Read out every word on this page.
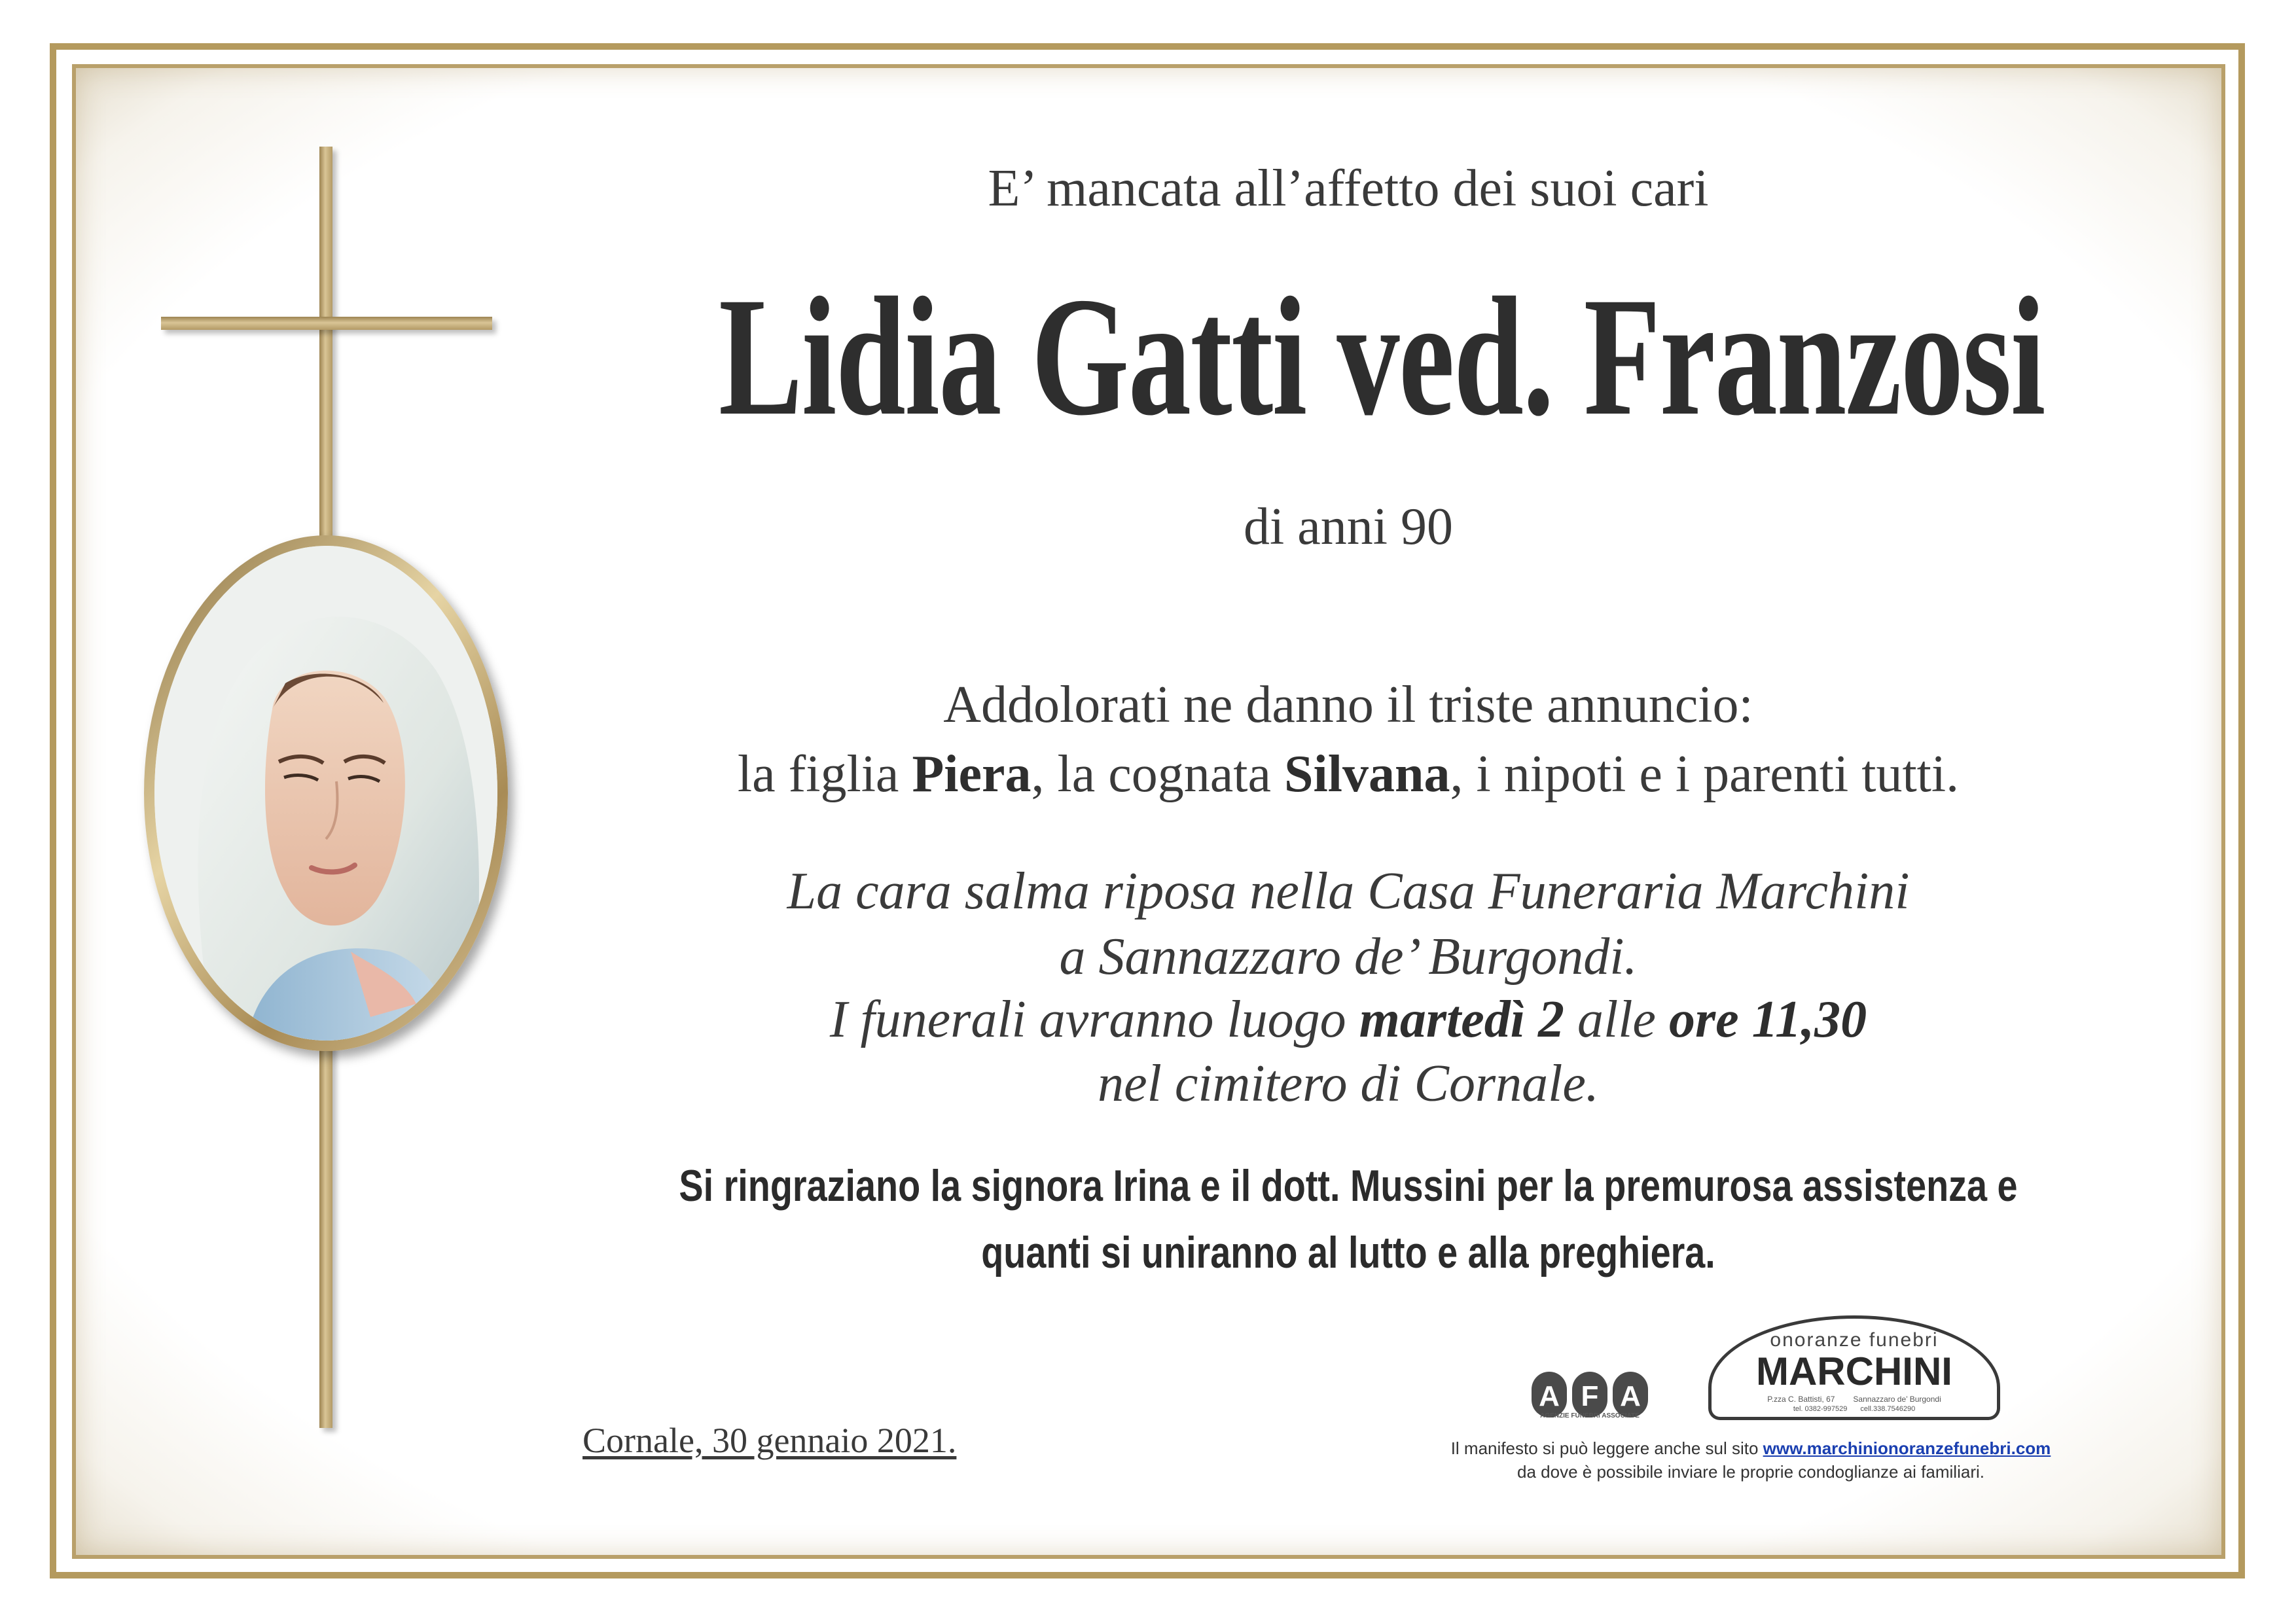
E’ mancata all’affetto dei suoi cari
Lidia Gatti ved. Franzosi
di anni 90
Addolorati ne danno il triste annuncio:
la figlia Piera, la cognata Silvana, i nipoti e i parenti tutti.
La cara salma riposa nella Casa Funeraria Marchini
a Sannazzaro de’ Burgondi.
I funerali avranno luogo martedì 2 alle ore 11,30
nel cimitero di Cornale.
Si ringraziano la signora Irina e il dott. Mussini per la premurosa assistenza e
quanti si uniranno al lutto e alla preghiera.
Cornale, 30 gennaio 2021.
A F A
AGENZIE FUNEBRI ASSOCIATE
onoranze funebri
MARCHINI
P.zza C. Battisti, 67 Sannazzaro de’ Burgondi
tel. 0382-997529 cell.338.7546290
Il manifesto si può leggere anche sul sito www.marchinionoranzefunebri.com
da dove è possibile inviare le proprie condoglianze ai familiari.
